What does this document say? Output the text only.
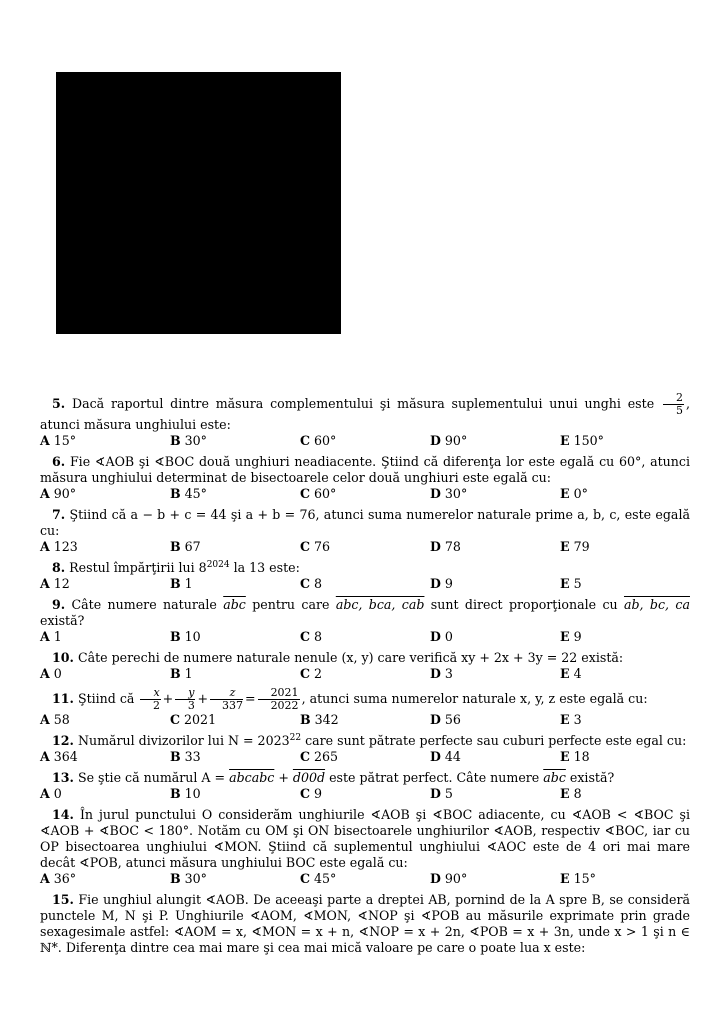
5. Dacă raportul dintre măsura complementului şi măsura suplementului unui unghi este $\frac{2}{5}$ , atunci măsura unghiului este:
A 15°	B 30°	C 60°	D 90°	E 150°
6. Fie ∢AOB şi ∢BOC două unghiuri neadiacente. Ştiind că diferenţa lor este egală cu 60°, atunci măsura unghiului determinat de bisectoarele celor două unghiuri este egală cu:
A 90°	B 45°	C 60°	D 30°	E 0°
7. Ştiind că a − b + c = 44 şi a + b = 76, atunci suma numerelor naturale prime a, b, c, este egală cu:
A 123	B 67	C 76	D 78	E 79
8. Restul împărţirii lui $8^{2024}$ la 13 este:
A 12	B 1	C 8	D 9	E 5
9. Câte numere naturale $\overline{abc}$ pentru care abc, bca, cab sunt direct proporţionale cu ab, bc, ca există?
A 1	B 10	C 8	D 0	E 9
10. Câte perechi de numere naturale nenule (x, y) care verifică xy + 2x + 3y = 22 există:
A 0	B 1	C 2	D 3	E 4
11. Ştiind că $\frac{x}{2} + \frac{y}{3} + \frac{z}{337} = \frac{2021}{2022}$ , atunci suma numerelor naturale x, y, z este egală cu:
A 58	C 2021	B 342	D 56	E 3
12. Numărul divizorilor lui $N = 2023^{22}$ care sunt pătrate perfecte sau cuburi perfecte este egal cu:
A 364	B 33	C 265	D 44	E 18
13. Se ştie că numărul A = abcabc + d00d este pătrat perfect. Câte numere $\overline{abc}$ există?
A 0	B 10	C 9	D 5	E 8
14. În jurul punctului O considerăm unghiurile ∢AOB şi ∢BOC adiacente, cu ∢AOB < ∢BOC şi ∢AOB + ∢BOC < 180°. Notăm cu OM şi ON bisectoarele unghiurilor ∢AOB, respectiv ∢BOC, iar cu OP bisectoarea unghiului ∢MON. Ştiind că suplementul unghiului ∢AOC este de 4 ori mai mare decât ∢POB, atunci măsura unghiului BOC este egală cu:
A 36°	B 30°	C 45°	D 90°	E 15°
15. Fie unghiul alungit ∢AOB. De aceeaşi parte a dreptei AB, pornind de la A spre B, se consideră punctele M, N şi P. Unghiurile ∢AOM, ∢MON, ∢NOP şi ∢POB au măsurile exprimate prin grade sexagesimale astfel: ∢AOM = x, ∢MON = x + n, ∢NOP = x + 2n, ∢POB = x + 3n, unde x > 1 şi n ∈ ℕ*. Diferenţa dintre cea mai mare şi cea mai mică valoare pe care o poate lua x este:
